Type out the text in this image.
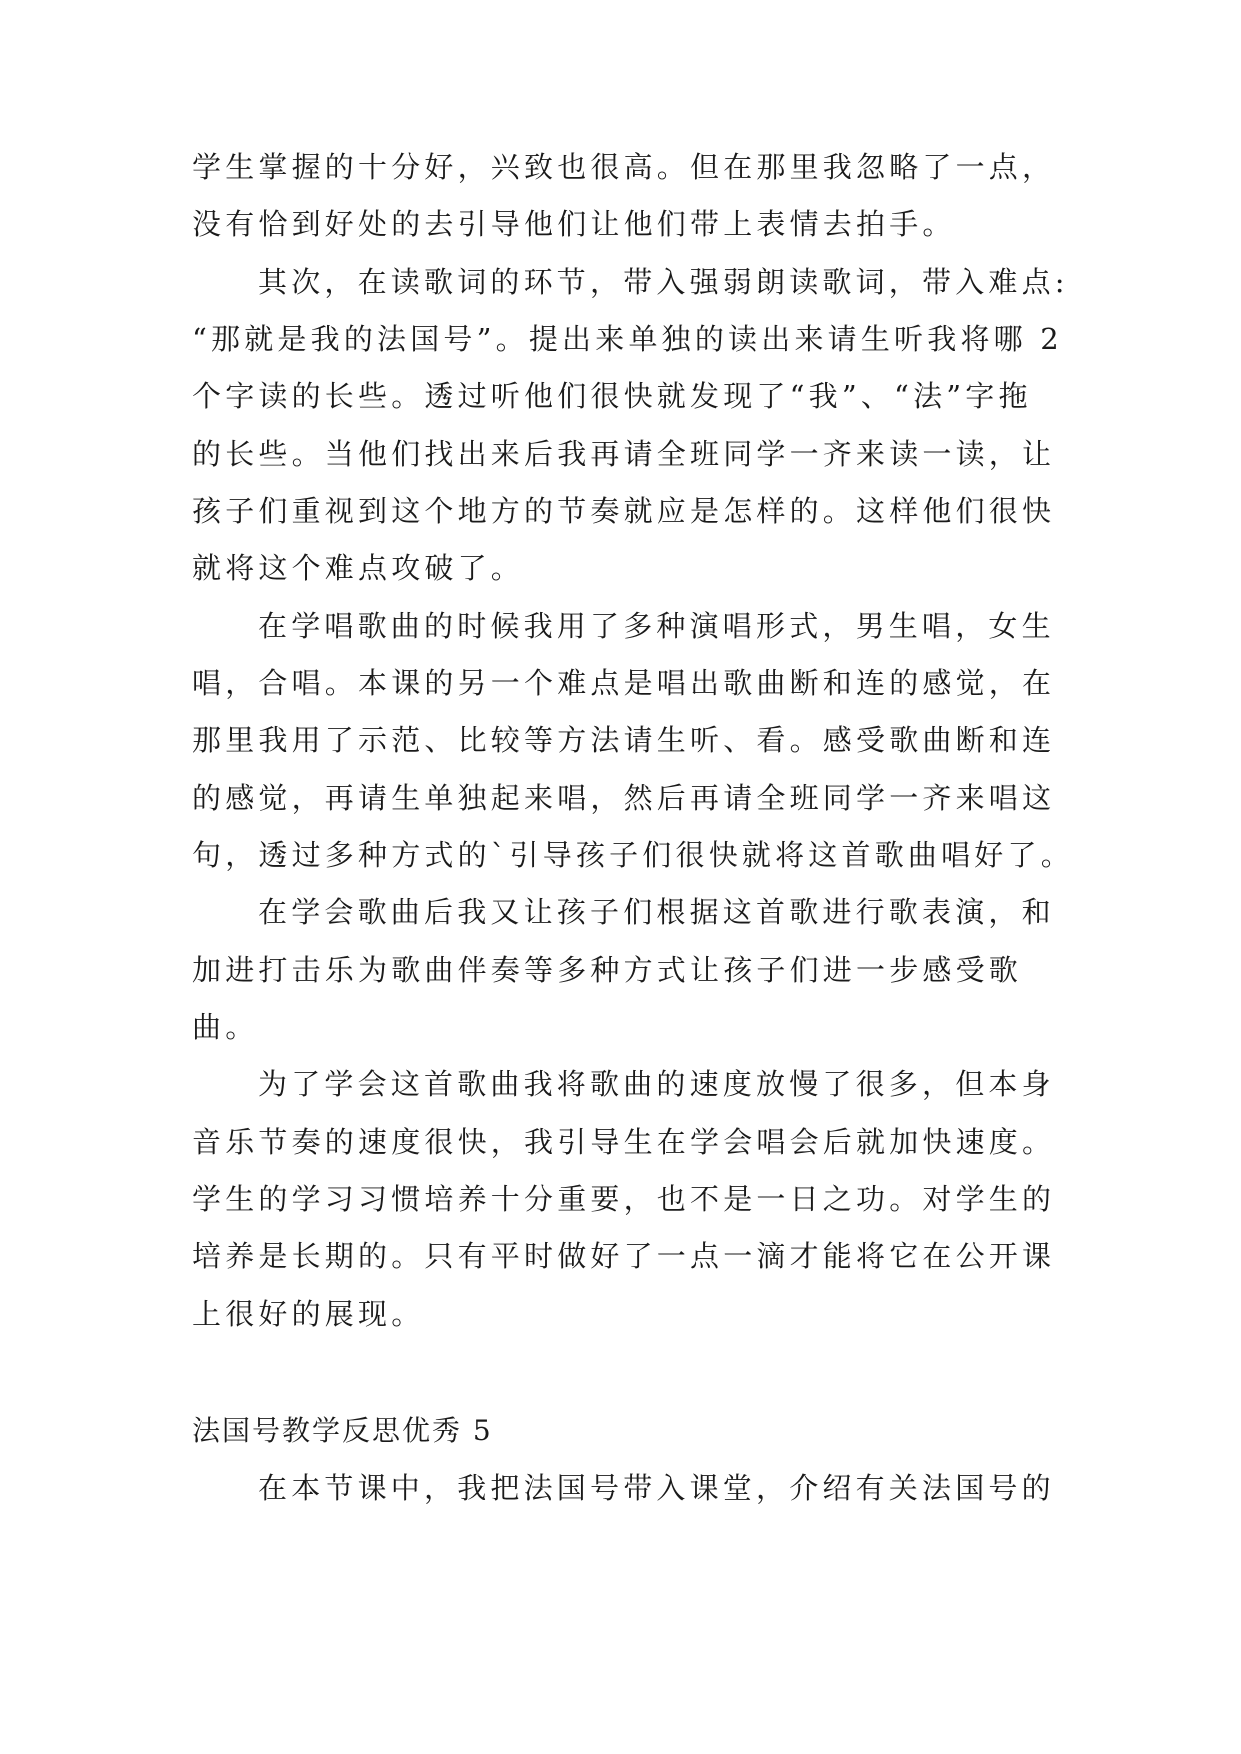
学生掌握的十分好，兴致也很高。但在那里我忽略了一点，
没有恰到好处的去引导他们让他们带上表情去拍手。
其次，在读歌词的环节，带入强弱朗读歌词，带入难点:
“那就是我的法国号”。提出来单独的读出来请生听我将哪 2
个字读的长些。透过听他们很快就发现了“我”、“法”字拖
的长些。当他们找出来后我再请全班同学一齐来读一读，让
孩子们重视到这个地方的节奏就应是怎样的。这样他们很快
就将这个难点攻破了。
在学唱歌曲的时候我用了多种演唱形式，男生唱，女生
唱，合唱。本课的另一个难点是唱出歌曲断和连的感觉，在
那里我用了示范、比较等方法请生听、看。感受歌曲断和连
的感觉，再请生单独起来唱，然后再请全班同学一齐来唱这
句，透过多种方式的`引导孩子们很快就将这首歌曲唱好了。
在学会歌曲后我又让孩子们根据这首歌进行歌表演，和
加进打击乐为歌曲伴奏等多种方式让孩子们进一步感受歌
曲。
为了学会这首歌曲我将歌曲的速度放慢了很多，但本身
音乐节奏的速度很快，我引导生在学会唱会后就加快速度。
学生的学习习惯培养十分重要，也不是一日之功。对学生的
培养是长期的。只有平时做好了一点一滴才能将它在公开课
上很好的展现。
法国号教学反思优秀 5
在本节课中，我把法国号带入课堂，介绍有关法国号的
